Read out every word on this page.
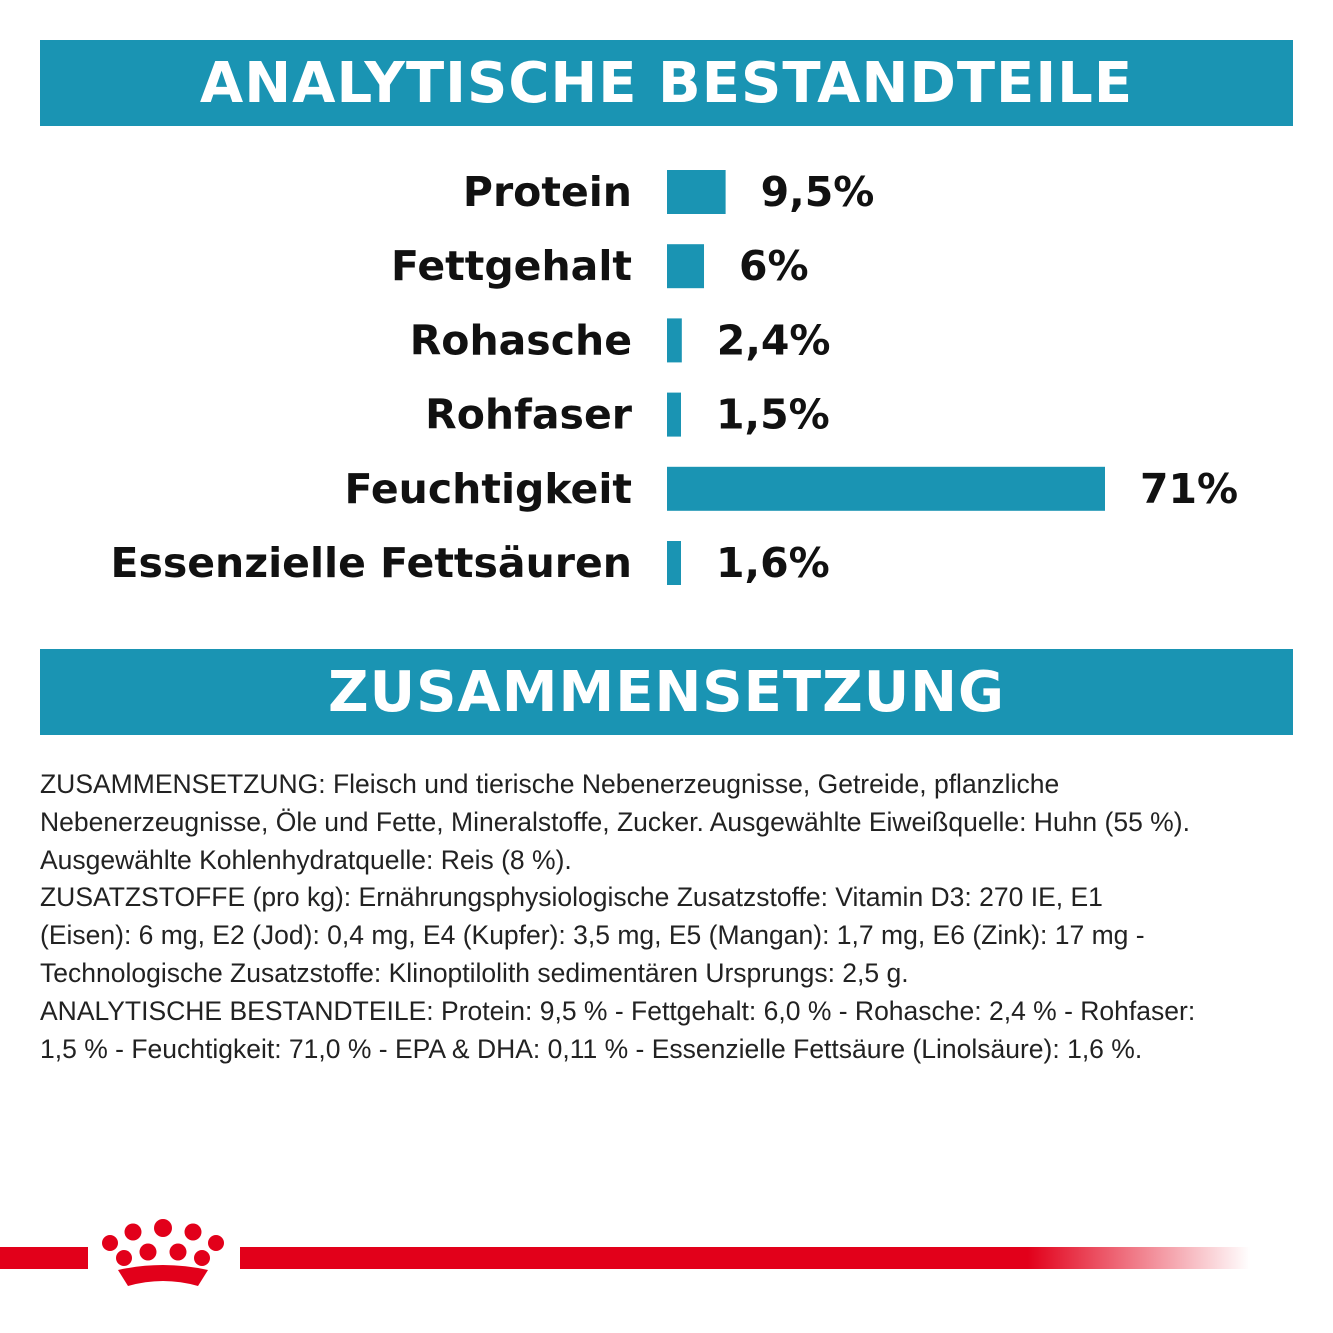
ANALYTISCHE BESTANDTEILE
Protein	9,5%
Fettgehalt	6%
Rohasche 2,4%
Rohfaser 1,5%
Feuchtigkeit	71%
Essenzielle Fettsäuren 1,6%
ZUSAMMENSETZUNG

ZUSAMMENSETZUNG: Fleisch und tierische Nebenerzeugnisse, Getreide, pflanzliche

Nebenerzeugnisse, Öle und Fette, Mineralstoffe, Zucker. Ausgewählte Eiweißquelle: Huhn (55 %).

Ausgewählte Kohlenhydratquelle: Reis (8 %).

ZUSATZSTOFFE (pro kg): Ernährungsphysiologische Zusatzstoffe: Vitamin D3: 270 IE, E1

(Eisen): 6 mg, E2 (Jod): 0,4 mg, E4 (Kupfer): 3,5 mg, E5 (Mangan): 1,7 mg, E6 (Zink): 17 mg -

Technologische Zusatzstoffe: Klinoptilolith sedimentären Ursprungs: 2,5 g.

ANALYTISCHE BESTANDTEILE: Protein: 9,5 % - Fettgehalt: 6,0 % - Rohasche: 2,4 % - Rohfaser:

1,5 % - Feuchtigkeit: 71,0 % - EPA & DHA: 0,11 % - Essenzielle Fettsäure (Linolsäure): 1,6 %.
